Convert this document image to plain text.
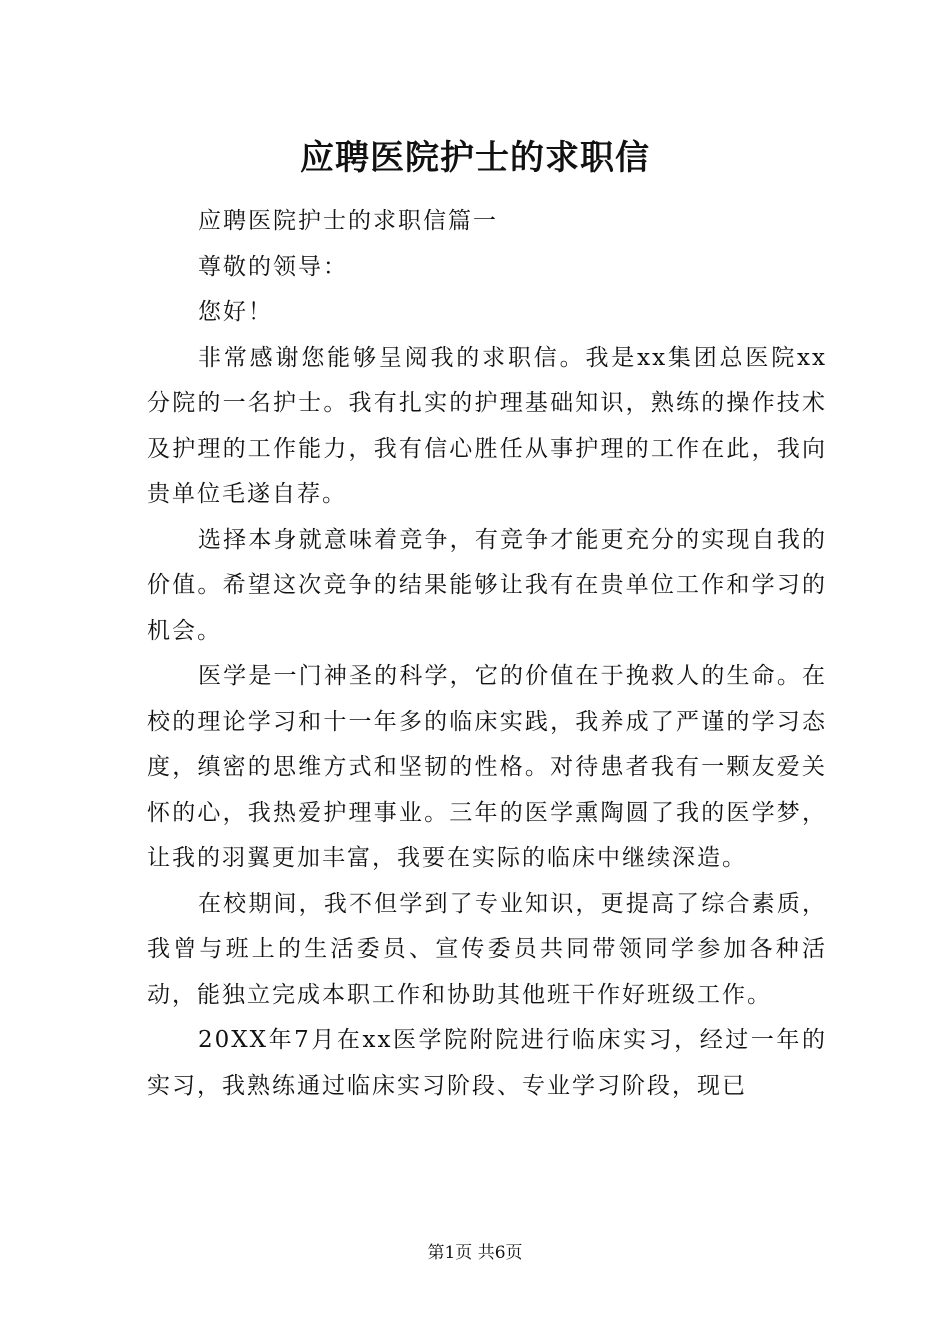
应聘医院护士的求职信

应聘医院护士的求职信篇一

尊敬的领导：

您好！

非常感谢您能够呈阅我的求职信。我是xx集团总医院xx分院的一名护士。我有扎实的护理基础知识，熟练的操作技术及护理的工作能力，我有信心胜任从事护理的工作在此，我向贵单位毛遂自荐。

选择本身就意味着竞争，有竞争才能更充分的实现自我的价值。希望这次竞争的结果能够让我有在贵单位工作和学习的机会。

医学是一门神圣的科学，它的价值在于挽救人的生命。在校的理论学习和十一年多的临床实践，我养成了严谨的学习态度，缜密的思维方式和坚韧的性格。对待患者我有一颗友爱关怀的心，我热爱护理事业。三年的医学熏陶圆了我的医学梦，让我的羽翼更加丰富，我要在实际的临床中继续深造。

在校期间，我不但学到了专业知识，更提高了综合素质，我曾与班上的生活委员、宣传委员共同带领同学参加各种活动，能独立完成本职工作和协助其他班干作好班级工作。

20XX年7月在xx医学院附院进行临床实习，经过一年的实习，我熟练通过临床实习阶段、专业学习阶段，现已

第1页 共6页
